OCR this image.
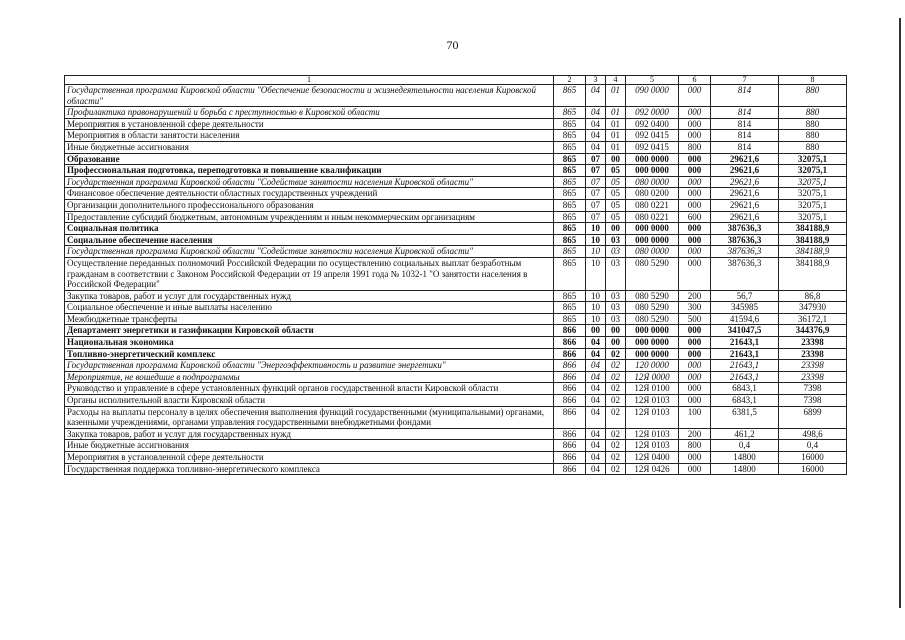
70
1	2	3	4	5	6	7	8
Государственная программа Кировской области "Обеспечение безопасности и жизнедеятельности населения Кировской области"	865	04	01	090 0000	000	814	880
Профилактика правонарушений и борьба с преступностью в Кировской области	865	04	01	092 0000	000	814	880
Мероприятия в установленной сфере деятельности	865	04	01	092 0400	000	814	880
Мероприятия в области занятости населения	865	04	01	092 0415	000	814	880
Иные бюджетные ассигнования	865	04	01	092 0415	800	814	880
Образование	865	07	00	000 0000	000	29621,6	32075,1
Профессиональная подготовка, переподготовка и повышение квалификации	865	07	05	000 0000	000	29621,6	32075,1
Государственная программа Кировской области "Содействие занятости населения Кировской области"	865	07	05	080 0000	000	29621,6	32075,1
Финансовое обеспечение деятельности областных государственных учреждений	865	07	05	080 0200	000	29621,6	32075,1
Организации дополнительного профессионального образования	865	07	05	080 0221	000	29621,6	32075,1
Предоставление субсидий бюджетным, автономным учреждениям и иным некоммерческим организациям	865	07	05	080 0221	600	29621,6	32075,1
Социальная политика	865	10	00	000 0000	000	387636,3	384188,9
Социальное обеспечение населения	865	10	03	000 0000	000	387636,3	384188,9
Государственная программа Кировской области "Содействие занятости населения Кировской области"	865	10	03	080 0000	000	387636,3	384188,9
Осуществление переданных полномочий Российской Федерации по осуществлению социальных выплат безработным гражданам в соответствии с Законом Российской Федерации от 19 апреля 1991 года № 1032-1 "О занятости населения в Российской Федерации"	865	10	03	080 5290	000	387636,3	384188,9
Закупка товаров, работ и услуг для государственных нужд	865	10	03	080 5290	200	56,7	86,8
Социальное обеспечение и иные выплаты населению	865	10	03	080 5290	300	345985	347930
Межбюджетные трансферты	865	10	03	080 5290	500	41594,6	36172,1
Департамент энергетики и газификации Кировской области	866	00	00	000 0000	000	341047,5	344376,9
Национальная экономика	866	04	00	000 0000	000	21643,1	23398
Топливно-энергетический комплекс	866	04	02	000 0000	000	21643,1	23398
Государственная программа Кировской области "Энергоэффективность и развитие энергетики"	866	04	02	120 0000	000	21643,1	23398
Мероприятия, не вошедшие в подпрограммы	866	04	02	12Я 0000	000	21643,1	23398
Руководство и управление в сфере установленных функций органов государственной власти Кировской области	866	04	02	12Я 0100	000	6843,1	7398
Органы исполнительной власти Кировской области	866	04	02	12Я 0103	000	6843,1	7398
Расходы на выплаты персоналу в целях обеспечения выполнения функций государственными (муниципальными) органами, казенными учреждениями, органами управления государственными внебюджетными фондами	866	04	02	12Я 0103	100	6381,5	6899
Закупка товаров, работ и услуг для государственных нужд	866	04	02	12Я 0103	200	461,2	498,6
Иные бюджетные ассигнования	866	04	02	12Я 0103	800	0,4	0,4
Мероприятия в установленной сфере деятельности	866	04	02	12Я 0400	000	14800	16000
Государственная поддержка топливно-энергетического комплекса	866	04	02	12Я 0426	000	14800	16000
